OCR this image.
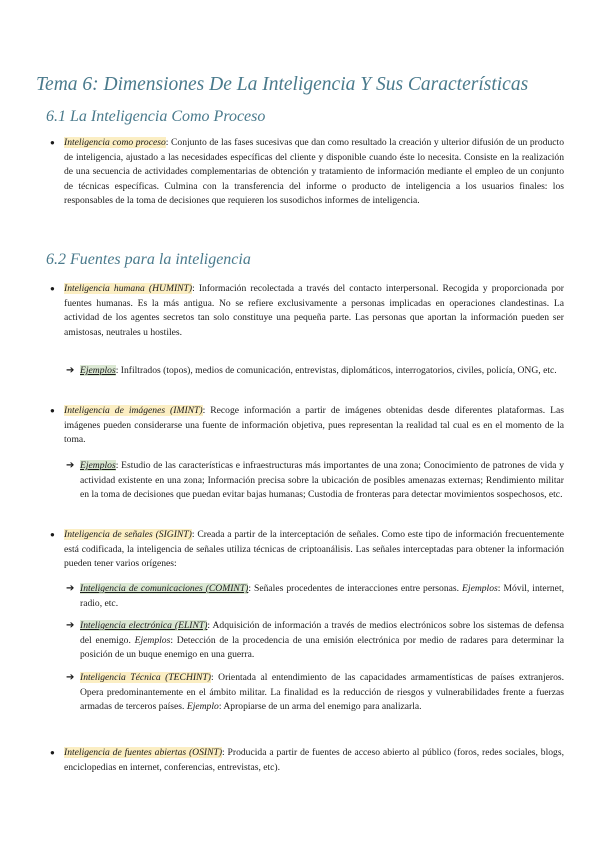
Tema 6: Dimensiones De La Inteligencia Y Sus Características
6.1 La Inteligencia Como Proceso
● Inteligencia como proceso: Conjunto de las fases sucesivas que dan como resultado la creación y ulterior difusión de un producto de inteligencia, ajustado a las necesidades específicas del cliente y disponible cuando éste lo necesita. Consiste en la realización de una secuencia de actividades complementarias de obtención y tratamiento de información mediante el empleo de un conjunto de técnicas específicas. Culmina con la transferencia del informe o producto de inteligencia a los usuarios finales: los responsables de la toma de decisiones que requieren los susodichos informes de inteligencia.
6.2 Fuentes para la inteligencia
● Inteligencia humana (HUMINT): Información recolectada a través del contacto interpersonal. Recogida y proporcionada por fuentes humanas. Es la más antigua. No se refiere exclusivamente a personas implicadas en operaciones clandestinas. La actividad de los agentes secretos tan solo constituye una pequeña parte. Las personas que aportan la información pueden ser amistosas, neutrales u hostiles.
➔ Ejemplos: Infiltrados (topos), medios de comunicación, entrevistas, diplomáticos, interrogatorios, civiles, policía, ONG, etc.
● Inteligencia de imágenes (IMINT): Recoge información a partir de imágenes obtenidas desde diferentes plataformas. Las imágenes pueden considerarse una fuente de información objetiva, pues representan la realidad tal cual es en el momento de la toma.
➔ Ejemplos: Estudio de las características e infraestructuras más importantes de una zona; Conocimiento de patrones de vida y actividad existente en una zona; Información precisa sobre la ubicación de posibles amenazas externas; Rendimiento militar en la toma de decisiones que puedan evitar bajas humanas; Custodia de fronteras para detectar movimientos sospechosos, etc.
● Inteligencia de señales (SIGINT): Creada a partir de la interceptación de señales. Como este tipo de información frecuentemente está codificada, la inteligencia de señales utiliza técnicas de criptoanálisis. Las señales interceptadas para obtener la información pueden tener varios orígenes:
➔ Inteligencia de comunicaciones (COMINT): Señales procedentes de interacciones entre personas. Ejemplos: Móvil, internet, radio, etc.
➔ Inteligencia electrónica (ELINT): Adquisición de información a través de medios electrónicos sobre los sistemas de defensa del enemigo. Ejemplos: Detección de la procedencia de una emisión electrónica por medio de radares para determinar la posición de un buque enemigo en una guerra.
➔ Inteligencia Técnica (TECHINT): Orientada al entendimiento de las capacidades armamentísticas de países extranjeros. Opera predominantemente en el ámbito militar. La finalidad es la reducción de riesgos y vulnerabilidades frente a fuerzas armadas de terceros países. Ejemplo: Apropiarse de un arma del enemigo para analizarla.
● Inteligencia de fuentes abiertas (OSINT): Producida a partir de fuentes de acceso abierto al público (foros, redes sociales, blogs, enciclopedias en internet, conferencias, entrevistas, etc).
